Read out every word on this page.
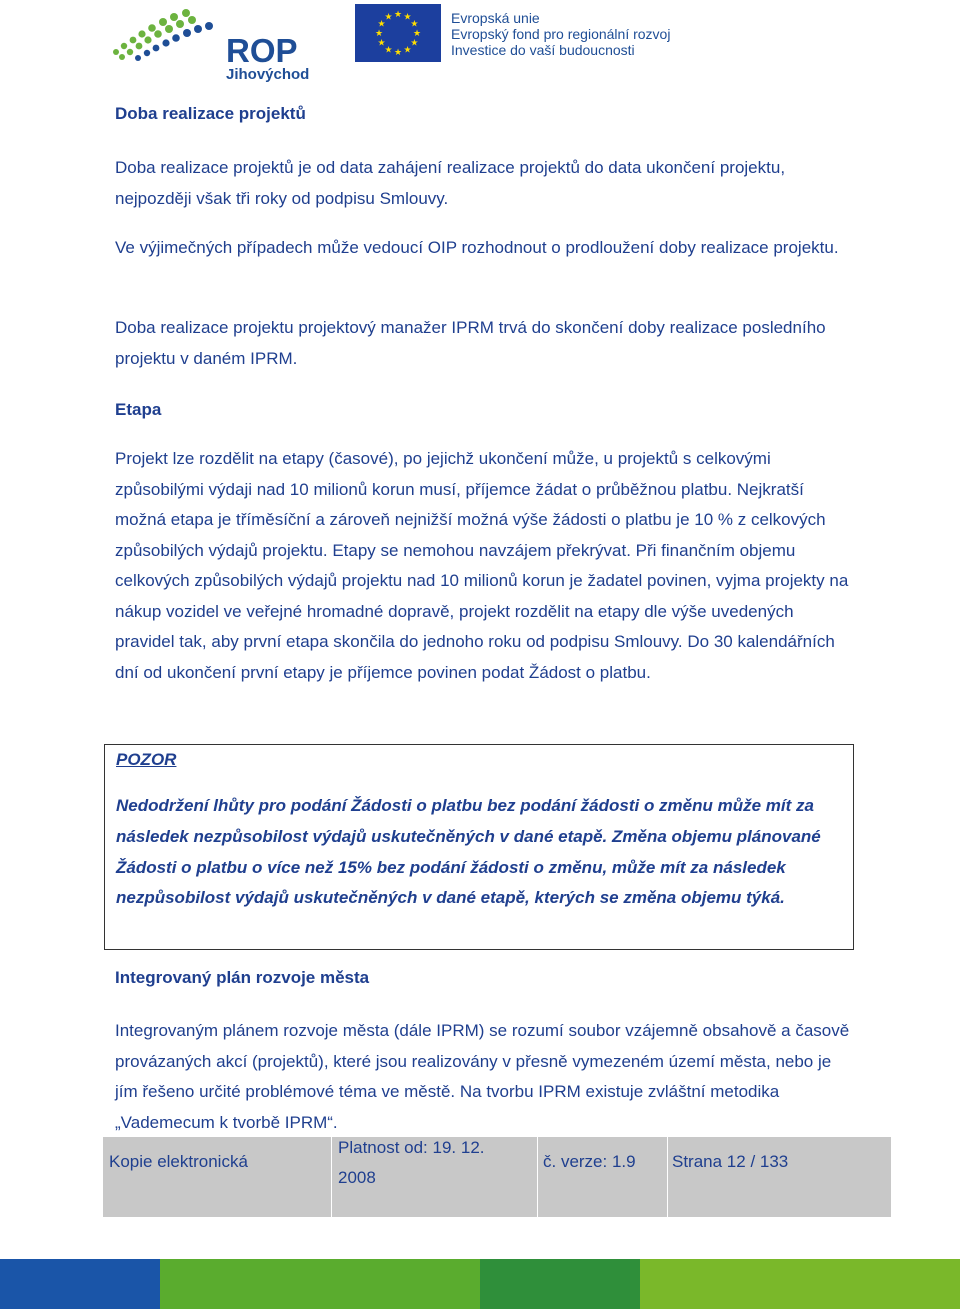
ROP
Jihovýchod
★
★
★
★
★
★
★
★
★ ★ ★
★ Evropská unie
Evropský fond pro regionální rozvoj
Investice do vaší budoucnosti
Doba realizace projektů

Doba realizace projektů je od data zahájení realizace projektů do data ukončení projektu, nejpozději však tři roky od podpisu Smlouvy.

Ve výjimečných případech může vedoucí OIP rozhodnout o prodloužení doby realizace projektu.

Doba realizace projektu projektový manažer IPRM trvá do skončení doby realizace posledního projektu v daném IPRM.

Etapa

Projekt lze rozdělit na etapy (časové), po jejichž ukončení může, u projektů s celkovými způsobilými výdaji nad 10 milionů korun musí, příjemce žádat o průběžnou platbu. Nejkratší možná etapa je tříměsíční a zároveň nejnižší možná výše žádosti o platbu je 10 % z celkových způsobilých výdajů projektu. Etapy se nemohou navzájem překrývat. Při finančním objemu celkových způsobilých výdajů projektu nad 10 milionů korun je žadatel povinen, vyjma projekty na nákup vozidel ve veřejné hromadné dopravě, projekt rozdělit na etapy dle výše uvedených pravidel tak, aby první etapa skončila do jednoho roku od podpisu Smlouvy. Do 30 kalendářních dní od ukončení první etapy je příjemce povinen podat Žádost o platbu.

POZOR
Nedodržení lhůty pro podání Žádosti o platbu bez podání žádosti o změnu může mít za následek nezpůsobilost výdajů uskutečněných v dané etapě. Změna objemu plánované Žádosti o platbu o více než 15% bez podání žádosti o změnu, může mít za následek nezpůsobilost výdajů uskutečněných v dané etapě, kterých se změna objemu týká.
Integrovaný plán rozvoje města

Integrovaným plánem rozvoje města (dále IPRM) se rozumí soubor vzájemně obsahově a časově provázaných akcí (projektů), které jsou realizovány v přesně vymezeném území města, nebo je jím řešeno určité problémové téma ve městě. Na tvorbu IPRM existuje zvláštní metodika „Vademecum k tvorbě IPRM“.

Kopie elektronická
Platnost od: 19. 12.
2008
č. verze: 1.9 Strana 12 / 133
